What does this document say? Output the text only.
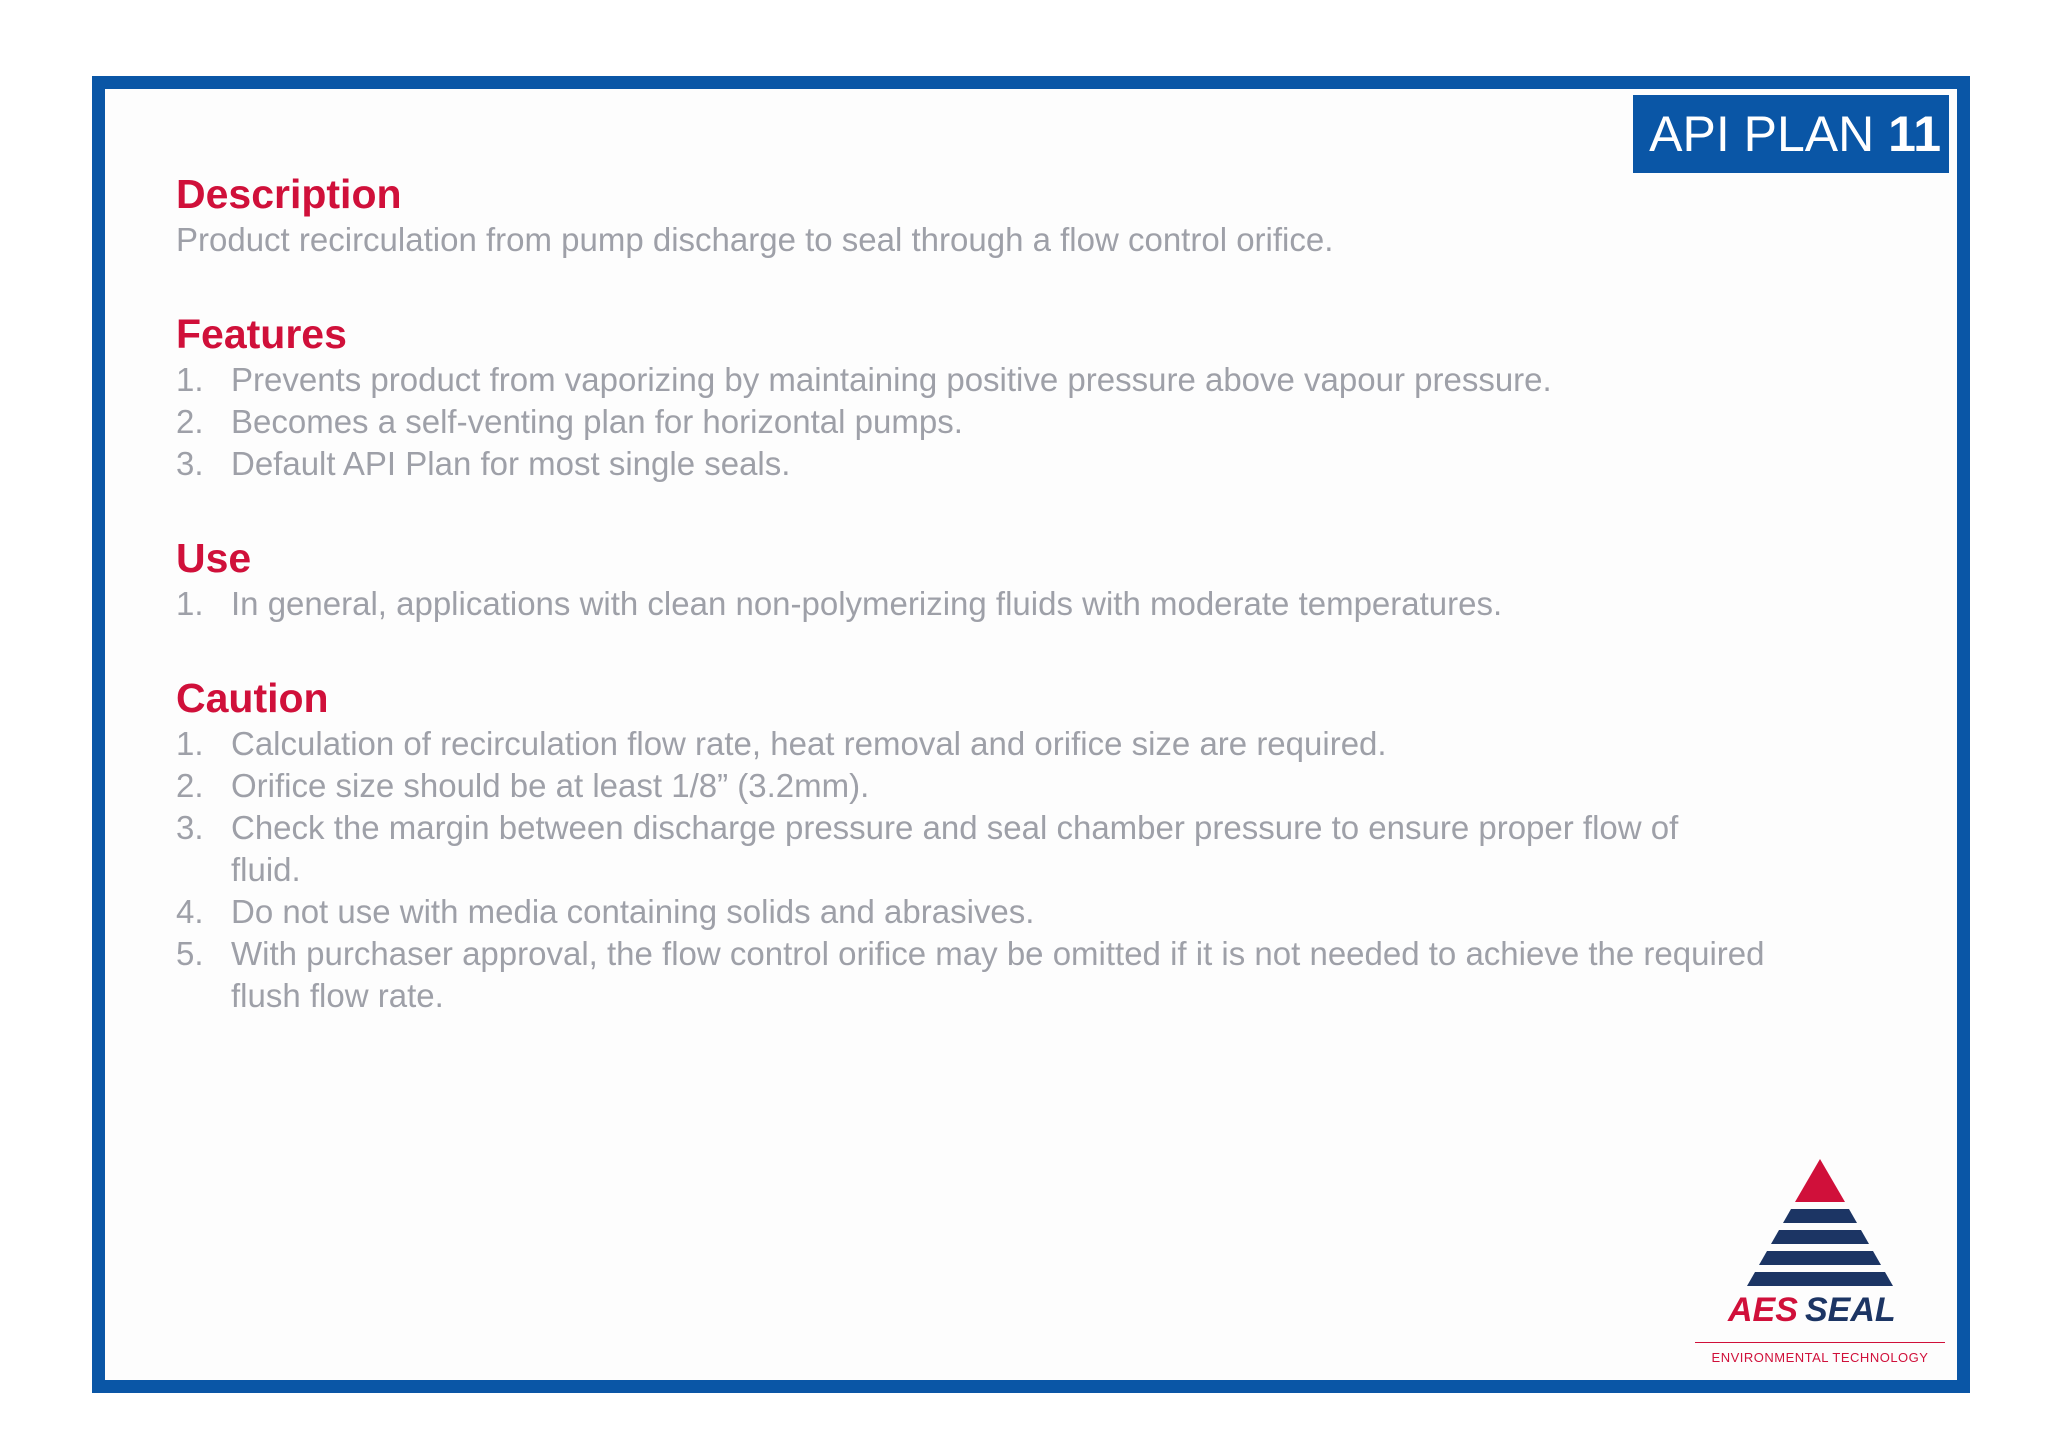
API PLAN 11
Description

Product recirculation from pump discharge to seal through a flow control orifice.

Features
1. Prevents product from vaporizing by maintaining positive pressure above vapour pressure.
2. Becomes a self-venting plan for horizontal pumps.
3. Default API Plan for most single seals.
Use
1. In general, applications with clean non-polymerizing fluids with moderate temperatures.
Caution
1. Calculation of recirculation flow rate, heat removal and orifice size are required.
2. Orifice size should be at least 1/8” (3.2mm).
3. Check the margin between discharge pressure and seal chamber pressure to ensure proper flow of fluid.
4. Do not use with media containing solids and abrasives.
5. With purchaser approval, the flow control orifice may be omitted if it is not needed to achieve the required flush flow rate.
AES SEAL
ENVIRONMENTAL TECHNOLOGY
